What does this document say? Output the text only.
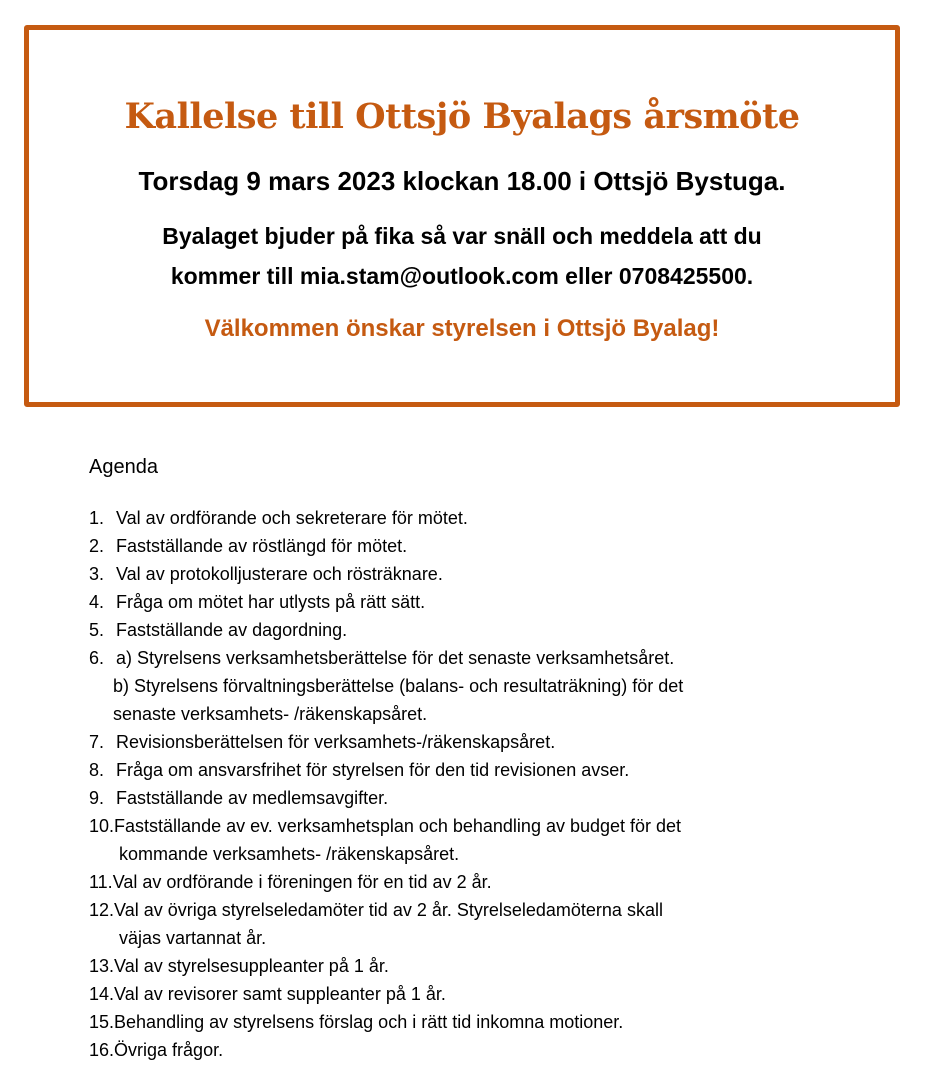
Kallelse till Ottsjö Byalags årsmöte
Torsdag 9 mars 2023 klockan 18.00 i Ottsjö Bystuga.
Byalaget bjuder på fika så var snäll och meddela att du
kommer till mia.stam@outlook.com eller 0708425500.
Välkommen önskar styrelsen i Ottsjö Byalag!
Agenda
1. Val av ordförande och sekreterare för mötet.
2. Fastställande av röstlängd för mötet.
3. Val av protokolljusterare och rösträknare.
4. Fråga om mötet har utlysts på rätt sätt.
5. Fastställande av dagordning.
6. a) Styrelsens verksamhetsberättelse för det senaste verksamhetsåret.
b) Styrelsens förvaltningsberättelse (balans- och resultaträkning) för det
senaste verksamhets- /räkenskapsåret.
7. Revisionsberättelsen för verksamhets-/räkenskapsåret.
8. Fråga om ansvarsfrihet för styrelsen för den tid revisionen avser.
9. Fastställande av medlemsavgifter.
10.Fastställande av ev. verksamhetsplan och behandling av budget för det
kommande verksamhets- /räkenskapsåret.
11.Val av ordförande i föreningen för en tid av 2 år.
12.Val av övriga styrelseledamöter tid av 2 år. Styrelseledamöterna skall
väjas vartannat år.
13.Val av styrelsesuppleanter på 1 år.
14.Val av revisorer samt suppleanter på 1 år.
15.Behandling av styrelsens förslag och i rätt tid inkomna motioner.
16.Övriga frågor.
